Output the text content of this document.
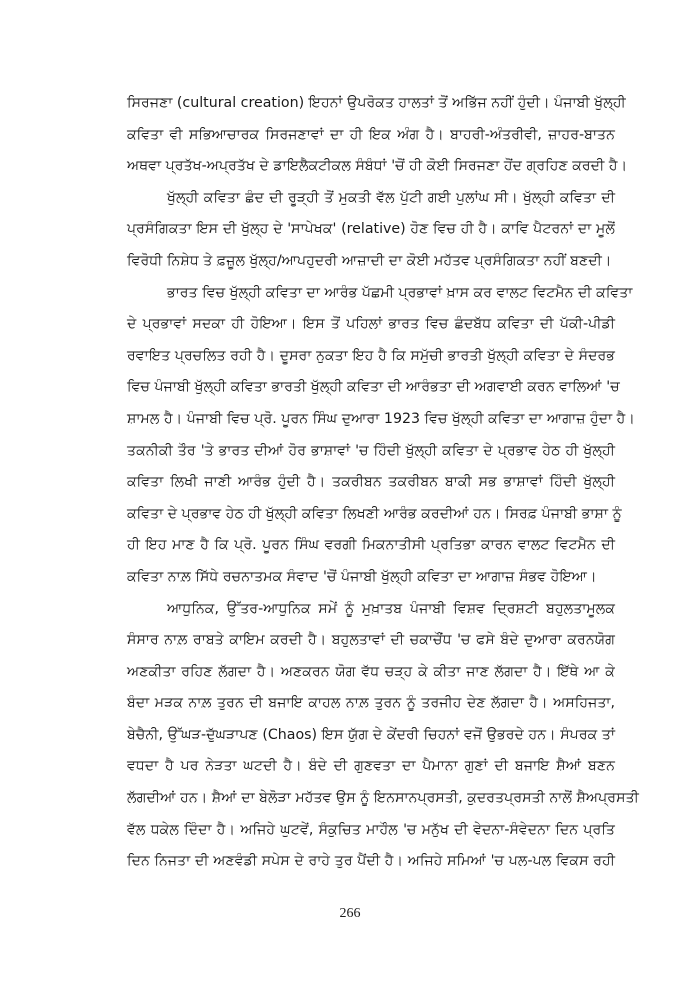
ਸਿਰਜਣਾ (cultural creation) ਇਹਨਾਂ ਉਪਰੋਕਤ ਹਾਲਤਾਂ ਤੋਂ ਅਭਿੱਜ ਨਹੀਂ ਹੁੰਦੀ। ਪੰਜਾਬੀ ਖੁੱਲ੍ਹੀ
ਕਵਿਤਾ ਵੀ ਸਭਿਆਚਾਰਕ ਸਿਰਜਣਾਵਾਂ ਦਾ ਹੀ ਇਕ ਅੰਗ ਹੈ। ਬਾਹਰੀ-ਅੰਤਰੀਵੀ, ਜ਼ਾਹਰ-ਬਾਤਨ
ਅਥਵਾ ਪ੍ਰਤੱਖ-ਅਪ੍ਰਤੱਖ ਦੇ ਡਾਇਲੈਕਟੀਕਲ ਸੰਬੰਧਾਂ 'ਚੋਂ ਹੀ ਕੋਈ ਸਿਰਜਣਾ ਹੋਂਦ ਗ੍ਰਹਿਣ ਕਰਦੀ ਹੈ।
ਖੁੱਲ੍ਹੀ ਕਵਿਤਾ ਛੰਦ ਦੀ ਰੂੜ੍ਹੀ ਤੋਂ ਮੁਕਤੀ ਵੱਲ ਪੁੱਟੀ ਗਈ ਪੁਲਾਂਘ ਸੀ। ਖੁੱਲ੍ਹੀ ਕਵਿਤਾ ਦੀ
ਪ੍ਰਸੰਗਿਕਤਾ ਇਸ ਦੀ ਖੁੱਲ੍ਹ ਦੇ 'ਸਾਪੇਖਕ' (relative) ਹੋਣ ਵਿਚ ਹੀ ਹੈ। ਕਾਵਿ ਪੈਟਰਨਾਂ ਦਾ ਮੂਲੋਂ
ਵਿਰੋਧੀ ਨਿਸ਼ੇਧ ਤੇ ਫ਼ਜ਼ੂਲ ਖੁੱਲ੍ਹ/ਆਪਹੁਦਰੀ ਆਜ਼ਾਦੀ ਦਾ ਕੋਈ ਮਹੱਤਵ ਪ੍ਰਸੰਗਿਕਤਾ ਨਹੀਂ ਬਣਦੀ।
ਭਾਰਤ ਵਿਚ ਖੁੱਲ੍ਹੀ ਕਵਿਤਾ ਦਾ ਆਰੰਭ ਪੱਛਮੀ ਪ੍ਰਭਾਵਾਂ ਖ਼ਾਸ ਕਰ ਵਾਲਟ ਵਿਟਮੈਨ ਦੀ ਕਵਿਤਾ
ਦੇ ਪ੍ਰਭਾਵਾਂ ਸਦਕਾ ਹੀ ਹੋਇਆ। ਇਸ ਤੋਂ ਪਹਿਲਾਂ ਭਾਰਤ ਵਿਚ ਛੰਦਬੱਧ ਕਵਿਤਾ ਦੀ ਪੱਕੀ-ਪੀਡੀ
ਰਵਾਇਤ ਪ੍ਰਚਲਿਤ ਰਹੀ ਹੈ। ਦੂਸਰਾ ਨੁਕਤਾ ਇਹ ਹੈ ਕਿ ਸਮੁੱਚੀ ਭਾਰਤੀ ਖੁੱਲ੍ਹੀ ਕਵਿਤਾ ਦੇ ਸੰਦਰਭ
ਵਿਚ ਪੰਜਾਬੀ ਖੁੱਲ੍ਹੀ ਕਵਿਤਾ ਭਾਰਤੀ ਖੁੱਲ੍ਹੀ ਕਵਿਤਾ ਦੀ ਆਰੰਭਤਾ ਦੀ ਅਗਵਾਈ ਕਰਨ ਵਾਲਿਆਂ 'ਚ
ਸ਼ਾਮਲ ਹੈ। ਪੰਜਾਬੀ ਵਿਚ ਪ੍ਰੋ. ਪੂਰਨ ਸਿੰਘ ਦੁਆਰਾ 1923 ਵਿਚ ਖੁੱਲ੍ਹੀ ਕਵਿਤਾ ਦਾ ਆਗਾਜ਼ ਹੁੰਦਾ ਹੈ।
ਤਕਨੀਕੀ ਤੌਰ 'ਤੇ ਭਾਰਤ ਦੀਆਂ ਹੋਰ ਭਾਸ਼ਾਵਾਂ 'ਚ ਹਿੰਦੀ ਖੁੱਲ੍ਹੀ ਕਵਿਤਾ ਦੇ ਪ੍ਰਭਾਵ ਹੇਠ ਹੀ ਖੁੱਲ੍ਹੀ
ਕਵਿਤਾ ਲਿਖੀ ਜਾਣੀ ਆਰੰਭ ਹੁੰਦੀ ਹੈ। ਤਕਰੀਬਨ ਤਕਰੀਬਨ ਬਾਕੀ ਸਭ ਭਾਸ਼ਾਵਾਂ ਹਿੰਦੀ ਖੁੱਲ੍ਹੀ
ਕਵਿਤਾ ਦੇ ਪ੍ਰਭਾਵ ਹੇਠ ਹੀ ਖੁੱਲ੍ਹੀ ਕਵਿਤਾ ਲਿਖਣੀ ਆਰੰਭ ਕਰਦੀਆਂ ਹਨ। ਸਿਰਫ਼ ਪੰਜਾਬੀ ਭਾਸ਼ਾ ਨੂੰ
ਹੀ ਇਹ ਮਾਣ ਹੈ ਕਿ ਪ੍ਰੋ. ਪੂਰਨ ਸਿੰਘ ਵਰਗੀ ਮਿਕਨਾਤੀਸੀ ਪ੍ਰਤਿਭਾ ਕਾਰਨ ਵਾਲਟ ਵਿਟਮੈਨ ਦੀ
ਕਵਿਤਾ ਨਾਲ਼ ਸਿੱਧੇ ਰਚਨਾਤਮਕ ਸੰਵਾਦ 'ਚੋਂ ਪੰਜਾਬੀ ਖੁੱਲ੍ਹੀ ਕਵਿਤਾ ਦਾ ਆਗਾਜ਼ ਸੰਭਵ ਹੋਇਆ।
ਆਧੁਨਿਕ, ਉੱਤਰ-ਆਧੁਨਿਕ ਸਮੇਂ ਨੂੰ ਮੁਖ਼ਾਤਬ ਪੰਜਾਬੀ ਵਿਸ਼ਵ ਦ੍ਰਿਸ਼ਟੀ ਬਹੁਲਤਾਮੂਲਕ
ਸੰਸਾਰ ਨਾਲ਼ ਰਾਬਤੇ ਕਾਇਮ ਕਰਦੀ ਹੈ। ਬਹੁਲਤਾਵਾਂ ਦੀ ਚਕਾਚੌਂਧ 'ਚ ਫਸੇ ਬੰਦੇ ਦੁਆਰਾ ਕਰਨਯੋਗ
ਅਣਕੀਤਾ ਰਹਿਣ ਲੱਗਦਾ ਹੈ। ਅਣਕਰਨ ਯੋਗ ਵੱਧ ਚੜ੍ਹ ਕੇ ਕੀਤਾ ਜਾਣ ਲੱਗਦਾ ਹੈ। ਇੱਥੇ ਆ ਕੇ
ਬੰਦਾ ਮੜਕ ਨਾਲ਼ ਤੁਰਨ ਦੀ ਬਜਾਇ ਕਾਹਲ ਨਾਲ਼ ਤੁਰਨ ਨੂੰ ਤਰਜੀਹ ਦੇਣ ਲੱਗਦਾ ਹੈ। ਅਸਹਿਜਤਾ,
ਬੇਚੈਨੀ, ਉੱਘੜ-ਦੁੱਘੜਾਪਣ (Chaos) ਇਸ ਯੁੱਗ ਦੇ ਕੇਂਦਰੀ ਚਿਹਨਾਂ ਵਜੋਂ ਉਭਰਦੇ ਹਨ। ਸੰਪਰਕ ਤਾਂ
ਵਧਦਾ ਹੈ ਪਰ ਨੇੜਤਾ ਘਟਦੀ ਹੈ। ਬੰਦੇ ਦੀ ਗੁਣਵਤਾ ਦਾ ਪੈਮਾਨਾ ਗੁਣਾਂ ਦੀ ਬਜਾਇ ਸ਼ੈਆਂ ਬਣਨ
ਲੱਗਦੀਆਂ ਹਨ। ਸ਼ੈਆਂ ਦਾ ਬੇਲੋੜਾ ਮਹੱਤਵ ਉਸ ਨੂੰ ਇਨਸਾਨਪ੍ਰਸਤੀ, ਕੁਦਰਤਪ੍ਰਸਤੀ ਨਾਲੋਂ ਸ਼ੈਅਪ੍ਰਸਤੀ
ਵੱਲ ਧਕੇਲ ਦਿੰਦਾ ਹੈ। ਅਜਿਹੇ ਘੁਟਵੇਂ, ਸੰਕੁਚਿਤ ਮਾਹੌਲ 'ਚ ਮਨੁੱਖ ਦੀ ਵੇਦਨਾ-ਸੰਵੇਦਨਾ ਦਿਨ ਪ੍ਰਤਿ
ਦਿਨ ਨਿਜਤਾ ਦੀ ਅਣਵੰਡੀ ਸਪੇਸ ਦੇ ਰਾਹੇ ਤੁਰ ਪੈਂਦੀ ਹੈ। ਅਜਿਹੇ ਸਮਿਆਂ 'ਚ ਪਲ-ਪਲ ਵਿਕਸ ਰਹੀ
266
